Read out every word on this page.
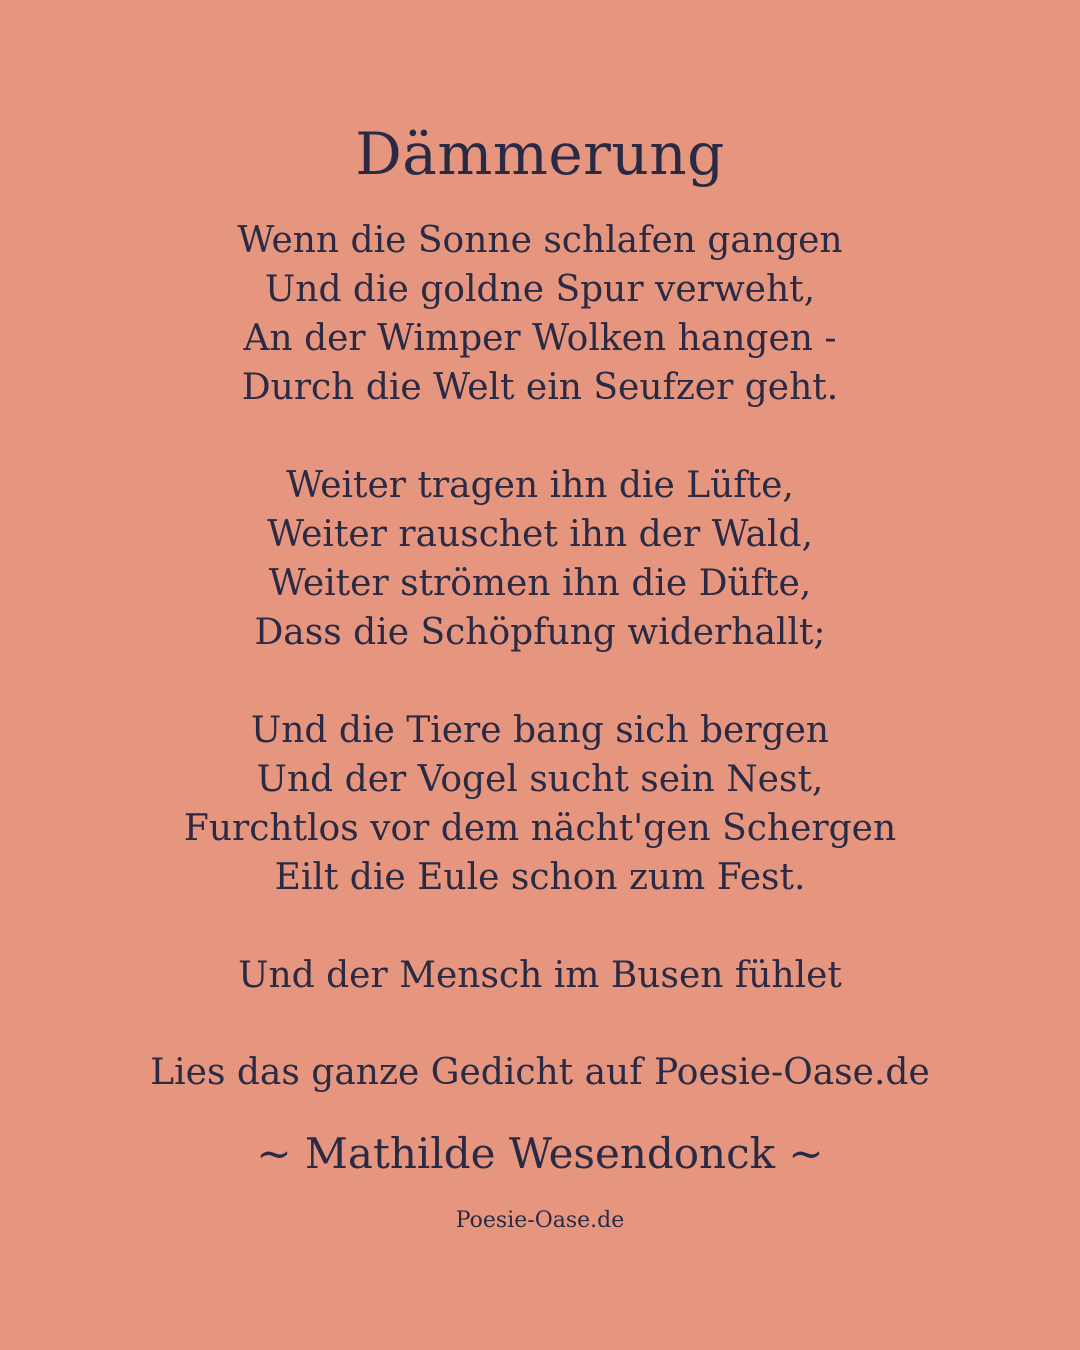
Dämmerung
Wenn die Sonne schlafen gangen
Und die goldne Spur verweht,
An der Wimper Wolken hangen -
Durch die Welt ein Seufzer geht.
Weiter tragen ihn die Lüfte,
Weiter rauschet ihn der Wald,
Weiter strömen ihn die Düfte,
Dass die Schöpfung widerhallt;
Und die Tiere bang sich bergen
Und der Vogel sucht sein Nest,
Furchtlos vor dem nächt'gen Schergen
Eilt die Eule schon zum Fest.
Und der Mensch im Busen fühlet
Lies das ganze Gedicht auf Poesie-Oase.de
~ Mathilde Wesendonck ~
Poesie-Oase.de
